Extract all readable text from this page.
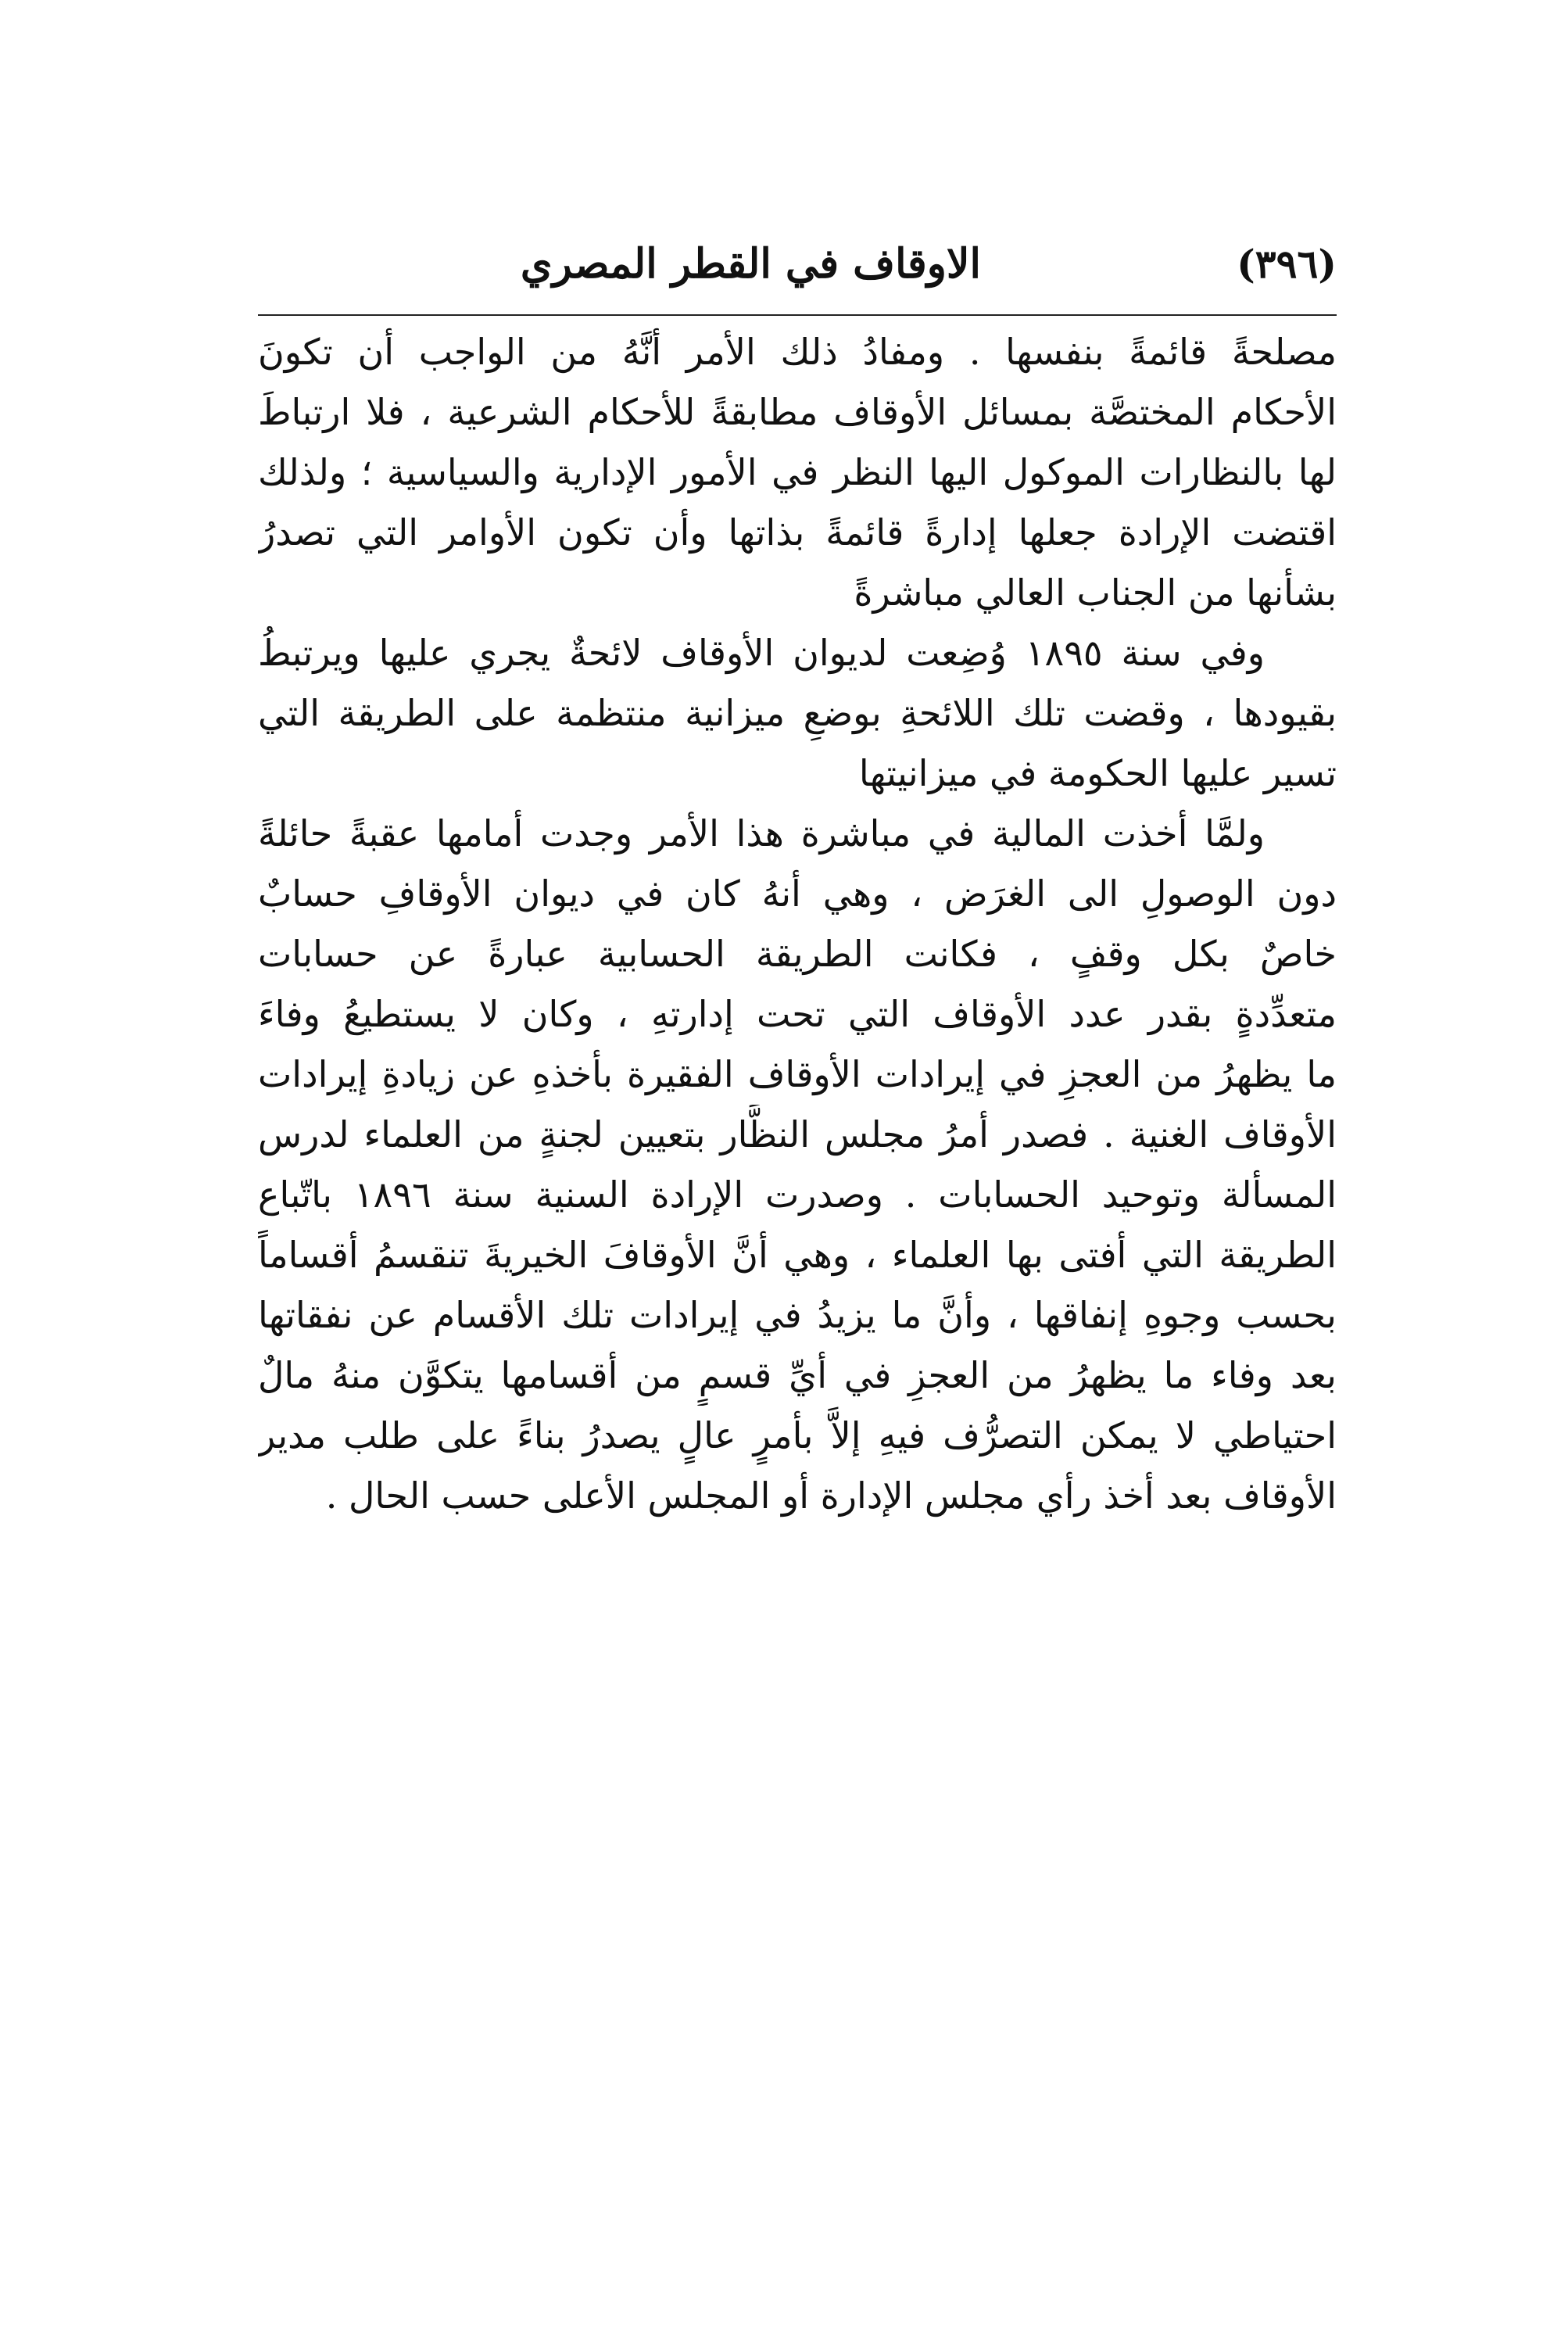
(٣٩٦)
الاوقاف في القطر المصري
مصلحةً قائمةً بنفسها . ومفادُ ذلك الأمر أنَّهُ من الواجب أن تكونَ
الأحكام المختصَّة بمسائل الأوقاف مطابقةً للأحكام الشرعية ، فلا ارتباطَ
لها بالنظارات الموكول اليها النظر في الأمور الإدارية والسياسية ؛ ولذلك
اقتضت الإرادة جعلها إدارةً قائمةً بذاتها وأن تكون الأوامر التي تصدرُ
بشأنها من الجناب العالي مباشرةً
وفي سنة ١٨٩٥ وُضِعت لديوان الأوقاف لائحةٌ يجري عليها ويرتبطُ
بقيودها ، وقضت تلك اللائحةِ بوضعِ ميزانية منتظمة على الطريقة التي
تسير عليها الحكومة في ميزانيتها
ولمَّا أخذت المالية في مباشرة هذا الأمر وجدت أمامها عقبةً حائلةً
دون الوصولِ الى الغرَض ، وهي أنهُ كان في ديوان الأوقافِ حسابٌ
خاصٌ بكل وقفٍ ، فكانت الطريقة الحسابية عبارةً عن حسابات
متعدِّدةٍ بقدر عدد الأوقاف التي تحت إدارتهِ ، وكان لا يستطيعُ وفاءَ
ما يظهرُ من العجزِ في إيرادات الأوقاف الفقيرة بأخذهِ عن زيادةِ إيرادات
الأوقاف الغنية . فصدر أمرُ مجلس النظَّار بتعيين لجنةٍ من العلماء لدرس
المسألة وتوحيد الحسابات . وصدرت الإرادة السنية سنة ١٨٩٦ باتّباع
الطريقة التي أفتى بها العلماء ، وهي أنَّ الأوقافَ الخيريةَ تنقسمُ أقساماً
بحسب وجوهِ إنفاقها ، وأنَّ ما يزيدُ في إيرادات تلك الأقسام عن نفقاتها
بعد وفاء ما يظهرُ من العجزِ في أيِّ قسمٍ من أقسامها يتكوَّن منهُ مالٌ
احتياطي لا يمكن التصرُّف فيهِ إلاَّ بأمرٍ عالٍ يصدرُ بناءً على طلب مدير
الأوقاف بعد أخذ رأي مجلس الإدارة أو المجلس الأعلى حسب الحال .
